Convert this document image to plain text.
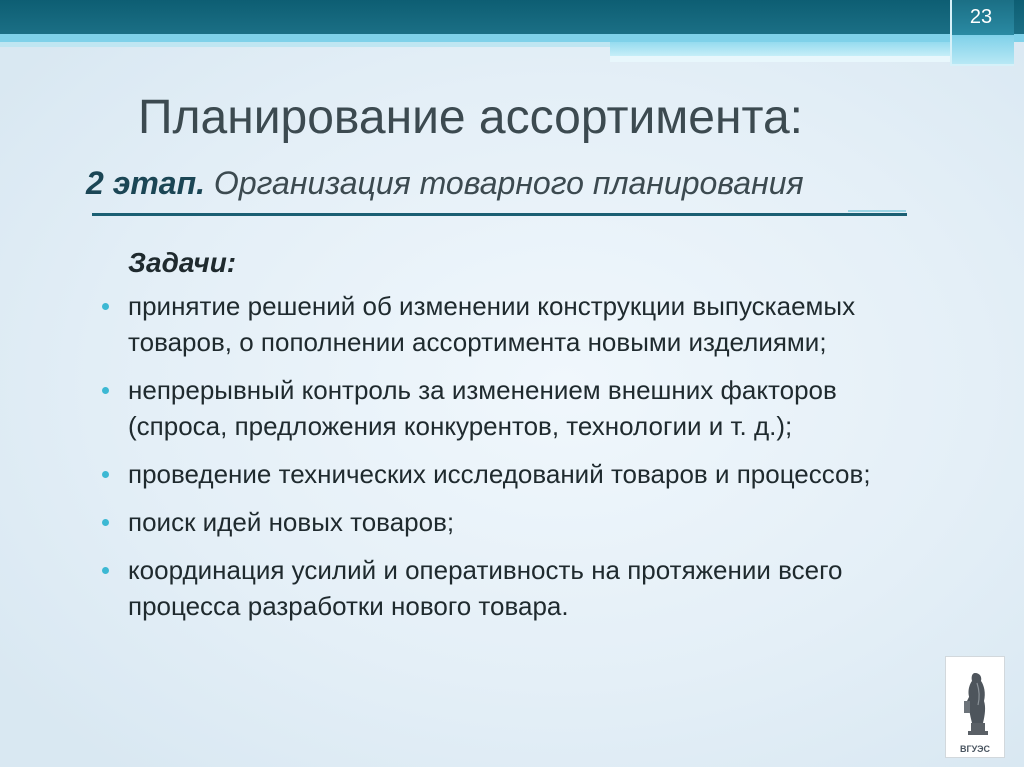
23
Планирование ассортимента:
2 этап. Организация товарного планирования
Задачи:
принятие решений об изменении конструкции выпускаемых товаров, о пополнении ассортимента новыми изделиями;
непрерывный контроль за изменением внешних факторов (спроса, предложения конкурентов, технологии и т. д.);
проведение технических исследований товаров и процессов;
поиск идей новых товаров;
координация усилий и оперативность на протяжении всего процесса разработки нового товара.
ВГУЭС
